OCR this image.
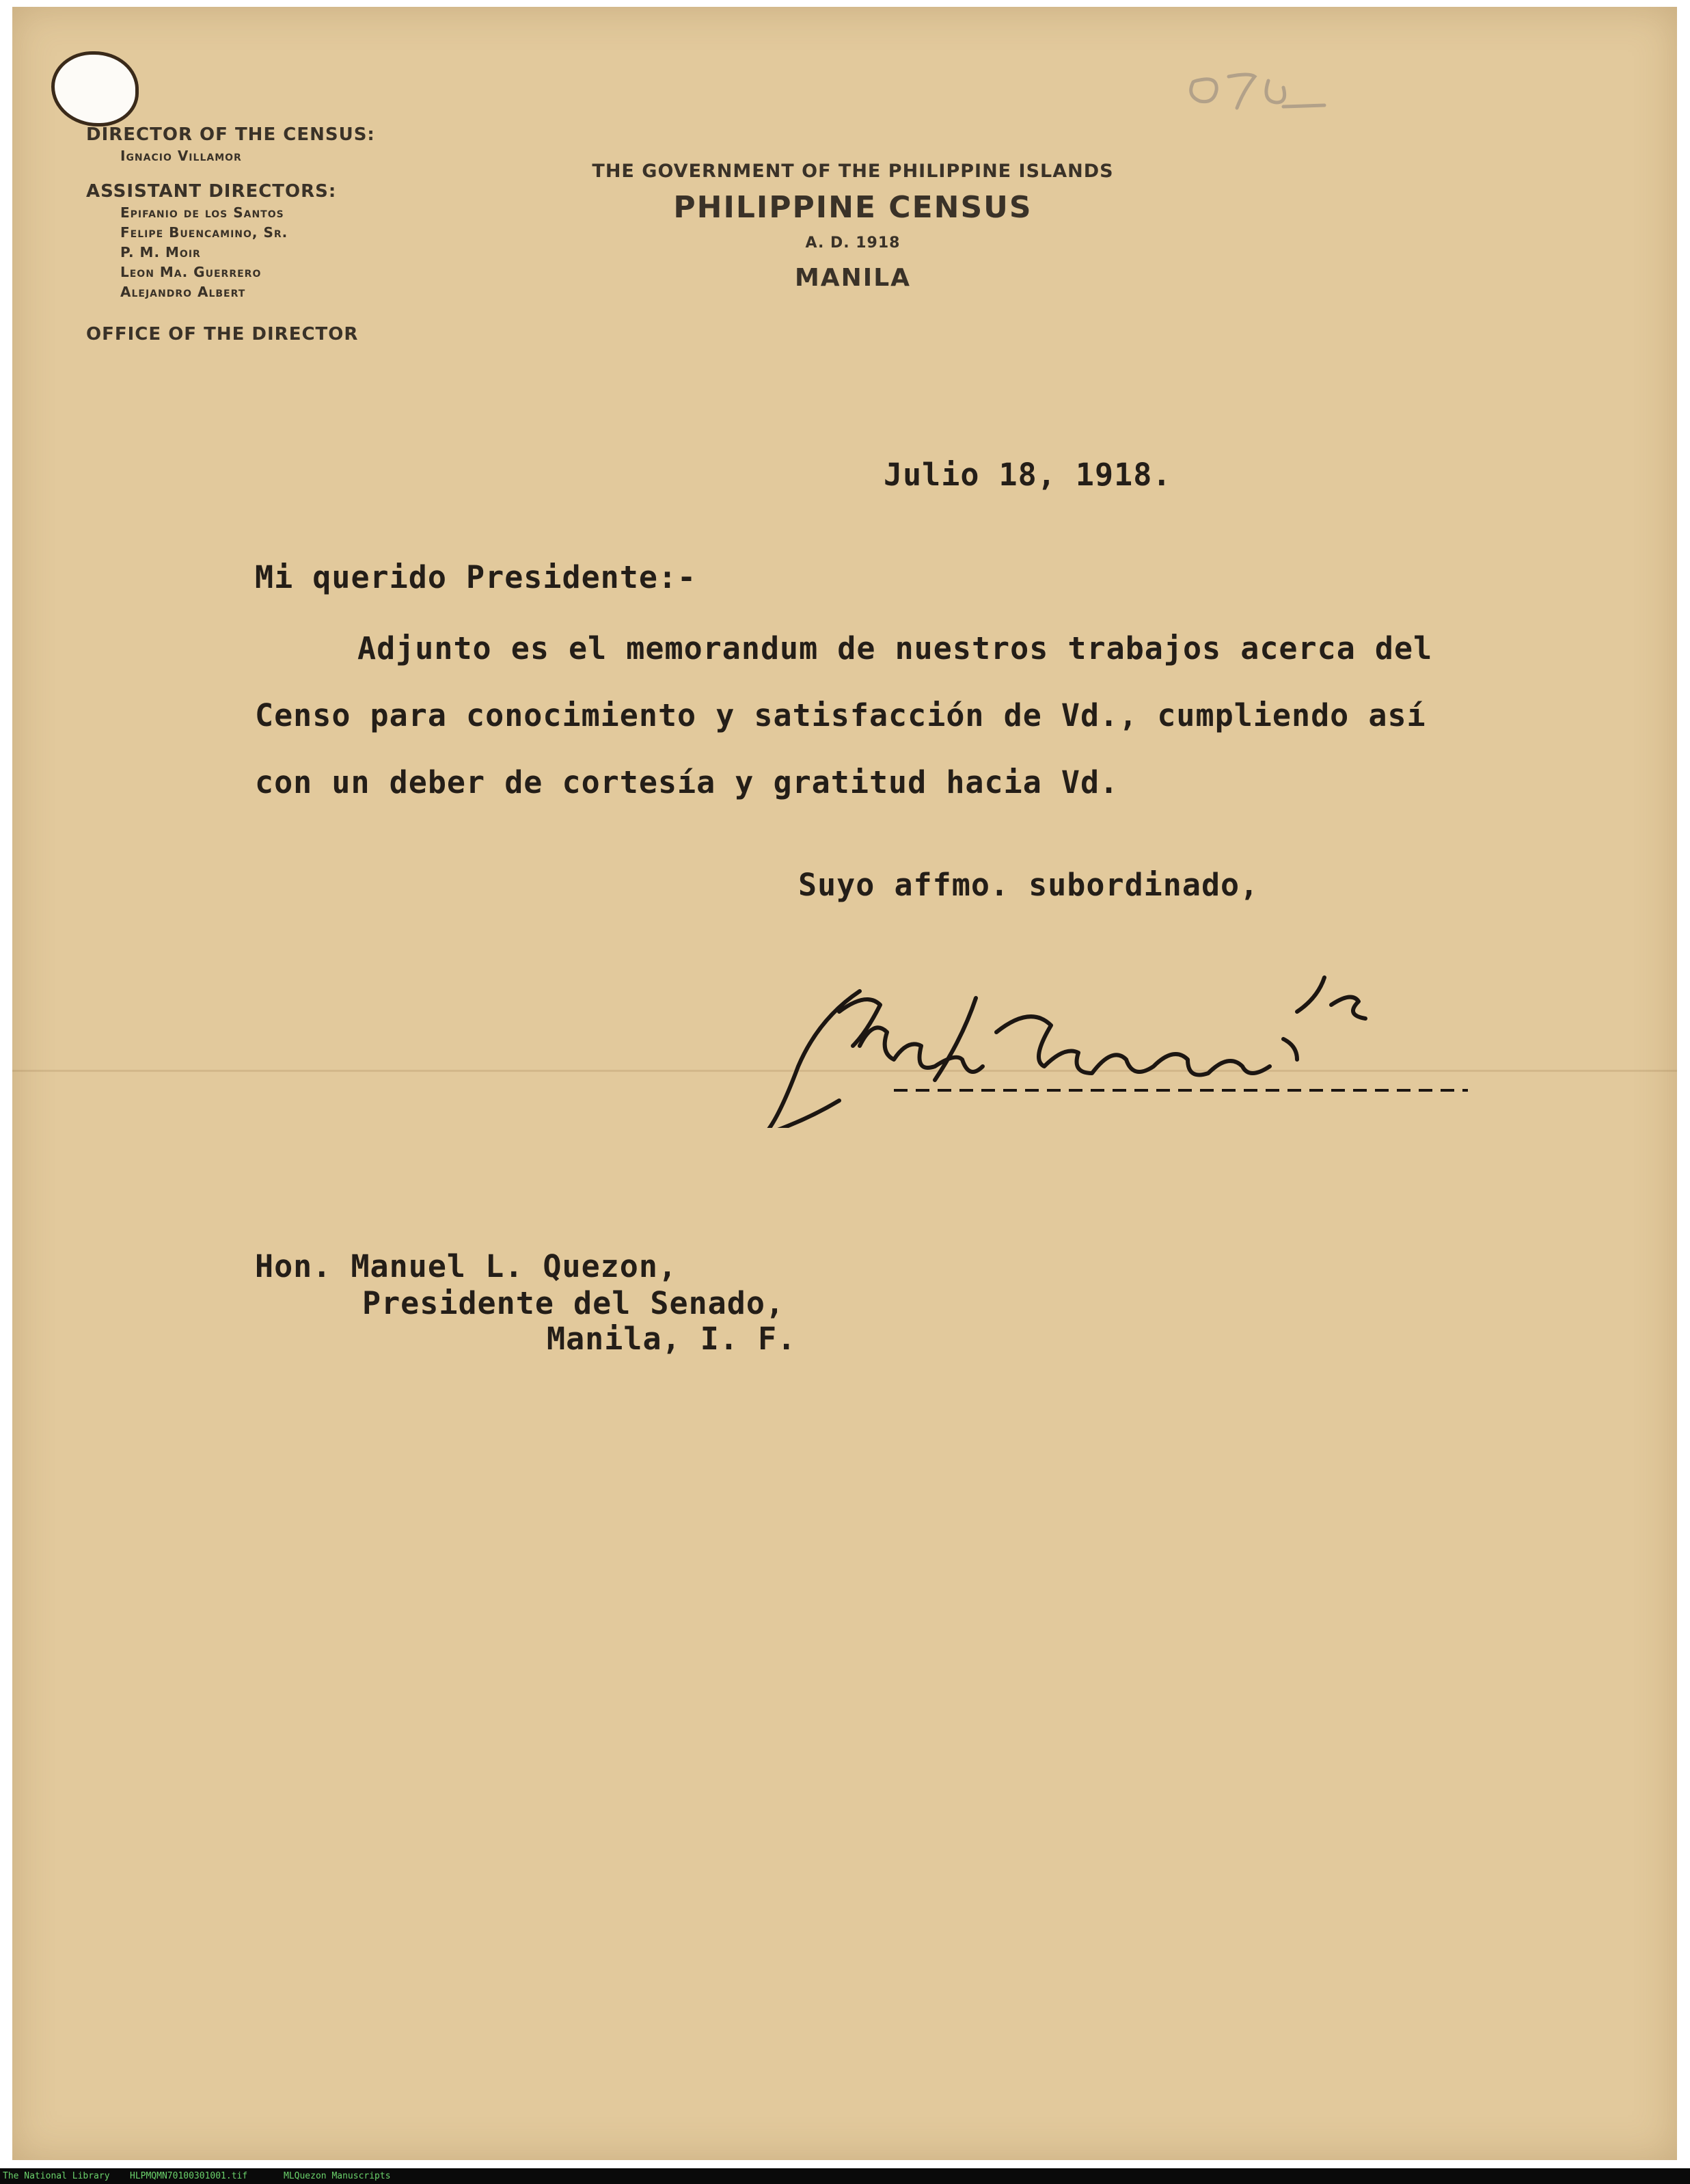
DIRECTOR OF THE CENSUS:
Ignacio Villamor
ASSISTANT DIRECTORS:
Epifanio de los Santos
Felipe Buencamino, Sr.
P. M. Moir
Leon Ma. Guerrero
Alejandro Albert
OFFICE OF THE DIRECTOR
THE GOVERNMENT OF THE PHILIPPINE ISLANDS
PHILIPPINE CENSUS
A. D. 1918
MANILA
Julio 18, 1918.
Mi querido Presidente:-
Adjunto es el memorandum de nuestros trabajos acerca del
Censo para conocimiento y satisfacción de Vd., cumpliendo así
con un deber de cortesía y gratitud hacia Vd.
Suyo affmo. subordinado,
Hon. Manuel L. Quezon,
Presidente del Senado,
Manila, I. F.
The National Library HLPMQMN70100301001.tif	MLQuezon Manuscripts
